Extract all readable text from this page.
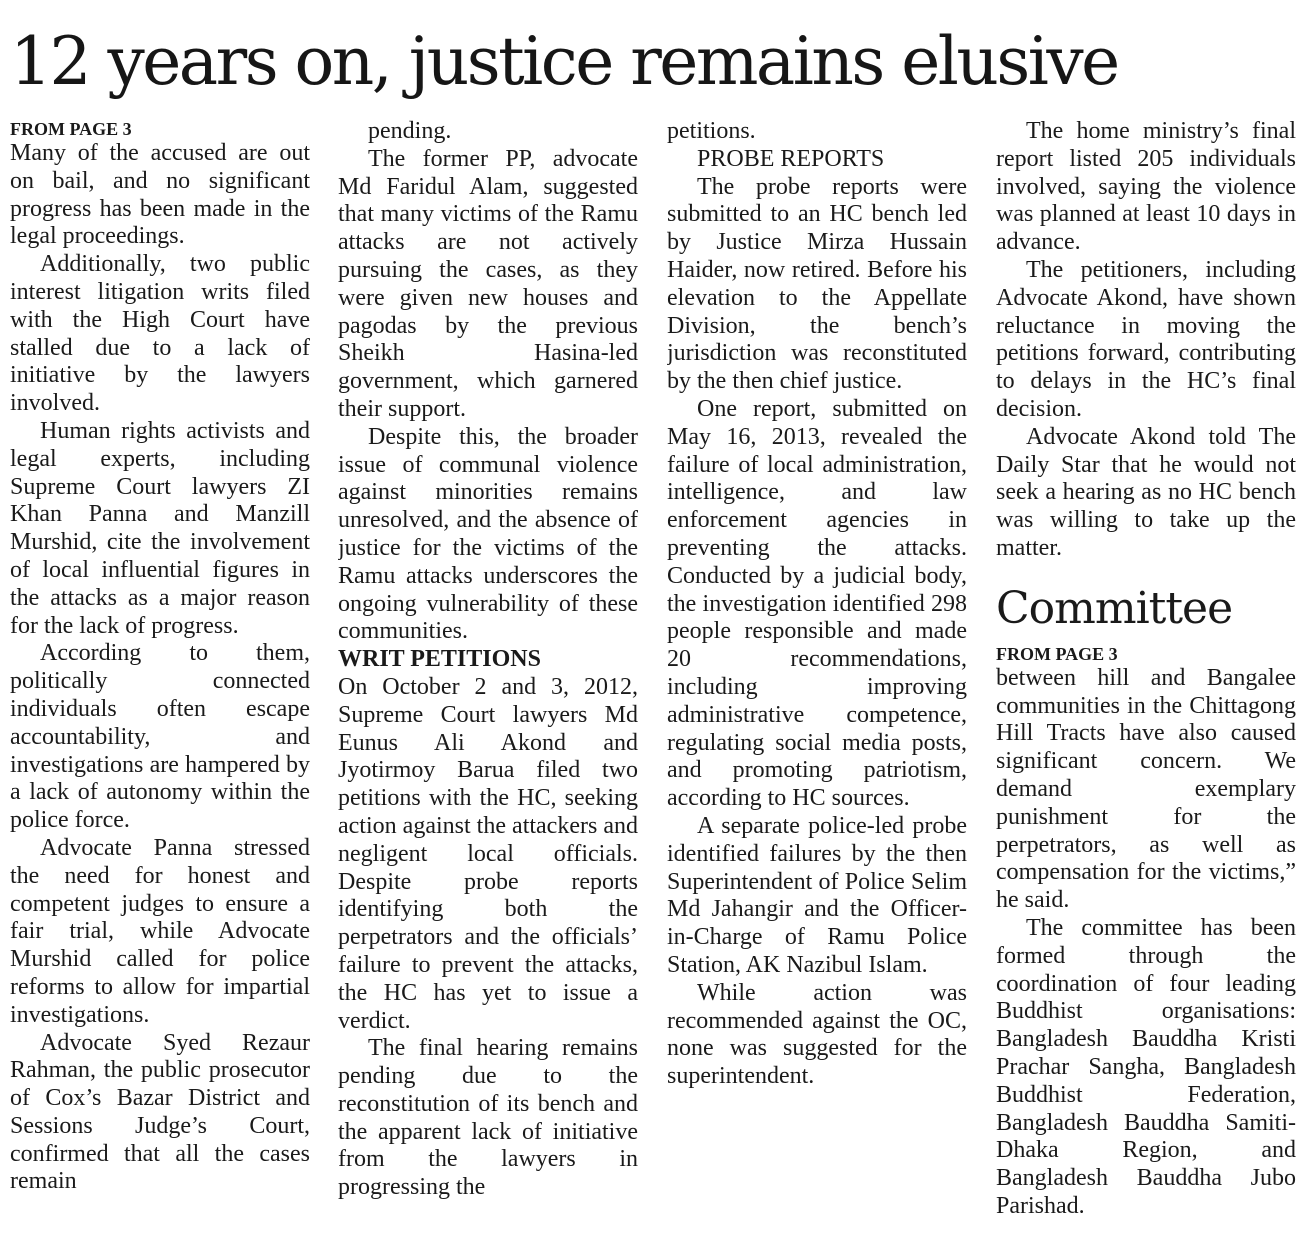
12 years on, justice remains elusive
FROM PAGE 3

Many of the accused are out on bail, and no significant progress has been made in the legal proceedings.

Additionally, two public interest litigation writs filed with the High Court have stalled due to a lack of initiative by the lawyers involved.

Human rights activists and legal experts, including Supreme Court lawyers ZI Khan Panna and Manzill Murshid, cite the involvement of local influential figures in the attacks as a major reason for the lack of progress.

According to them, politically connected individuals often escape accountability, and investigations are hampered by a lack of autonomy within the police force.

Advocate Panna stressed the need for honest and competent judges to ensure a fair trial, while Advocate Murshid called for police reforms to allow for impartial investigations.

Advocate Syed Rezaur Rahman, the public prosecutor of Cox’s Bazar District and Sessions Judge’s Court, confirmed that all the cases remain

pending.

The former PP, advocate Md Faridul Alam, suggested that many victims of the Ramu attacks are not actively pursuing the cases, as they were given new houses and pagodas by the previous Sheikh Hasina-led government, which garnered their support.

Despite this, the broader issue of communal violence against minorities remains unresolved, and the absence of justice for the victims of the Ramu attacks underscores the ongoing vulnerability of these communities.

WRIT PETITIONS

On October 2 and 3, 2012, Supreme Court lawyers Md Eunus Ali Akond and Jyotirmoy Barua filed two petitions with the HC, seeking action against the attackers and negligent local officials. Despite probe reports identifying both the perpetrators and the officials’ failure to prevent the attacks, the HC has yet to issue a verdict.

The final hearing remains pending due to the reconstitution of its bench and the apparent lack of initiative from the lawyers in progressing the

petitions.

PROBE REPORTS

The probe reports were submitted to an HC bench led by Justice Mirza Hussain Haider, now retired. Before his elevation to the Appellate Division, the bench’s jurisdiction was reconstituted by the then chief justice.

One report, submitted on May 16, 2013, revealed the failure of local administration, intelligence, and law enforcement agencies in preventing the attacks. Conducted by a judicial body, the investigation identified 298 people responsible and made 20 recommendations, including improving administrative competence, regulating social media posts, and promoting patriotism, according to HC sources.

A separate police-led probe identified failures by the then Superintendent of Police Selim Md Jahangir and the Officer-in-Charge of Ramu Police Station, AK Nazibul Islam.

While action was recommended against the OC, none was suggested for the superintendent.

The home ministry’s final report listed 205 individuals involved, saying the violence was planned at least 10 days in advance.

The petitioners, including Advocate Akond, have shown reluctance in moving the petitions forward, contributing to delays in the HC’s final decision.

Advocate Akond told The Daily Star that he would not seek a hearing as no HC bench was willing to take up the matter.

Committee
FROM PAGE 3

between hill and Bangalee communities in the Chittagong Hill Tracts have also caused significant concern. We demand exemplary punishment for the perpetrators, as well as compensation for the victims,” he said.

The committee has been formed through the coordination of four leading Buddhist organisations: Bangladesh Bauddha Kristi Prachar Sangha, Bangladesh Buddhist Federation, Bangladesh Bauddha Samiti- Dhaka Region, and Bangladesh Bauddha Jubo Parishad.
